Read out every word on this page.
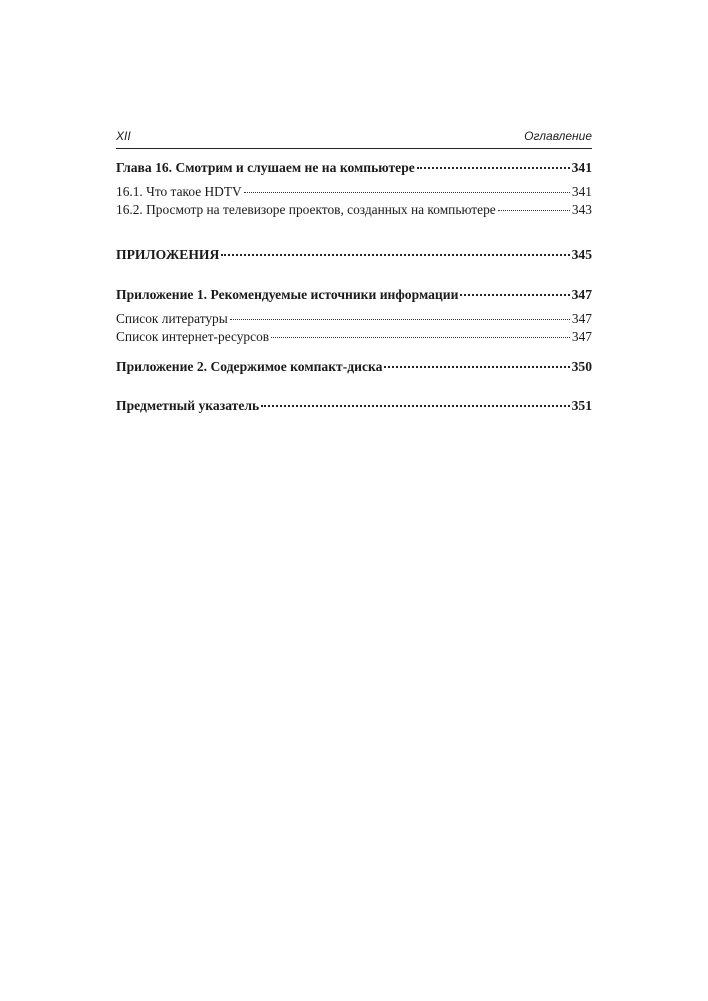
XII	Оглавление
Глава 16. Смотрим и слушаем не на компьютере	341
16.1. Что такое HDTV	341
16.2. Просмотр на телевизоре проектов, созданных на компьютере	343
ПРИЛОЖЕНИЯ	345
Приложение 1. Рекомендуемые источники информации	347
Список литературы	347
Список интернет-ресурсов	347
Приложение 2. Содержимое компакт-диска	350
Предметный указатель	351
